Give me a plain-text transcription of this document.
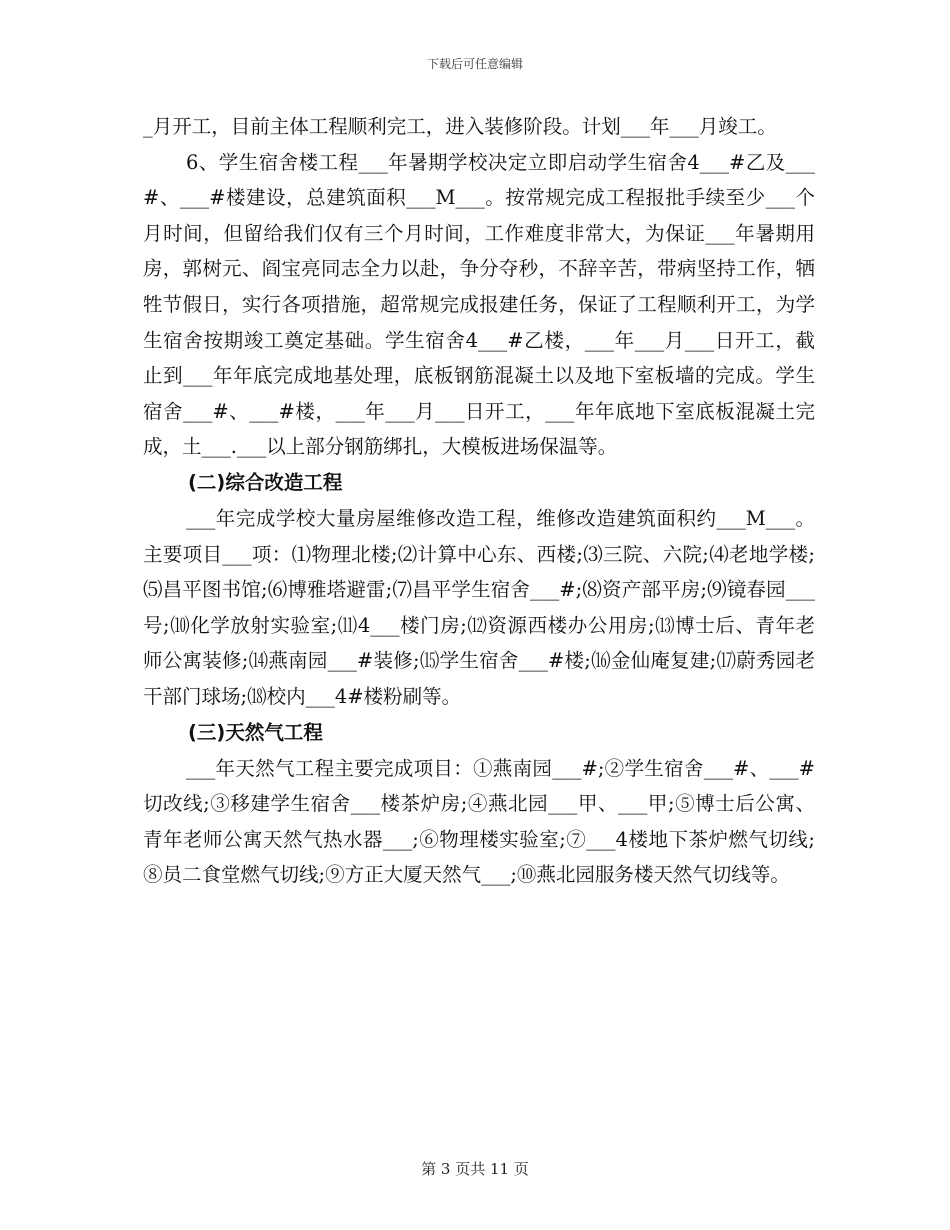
下载后可任意编辑

_月开工，目前主体工程顺利完工，进入装修阶段。计划___年___月竣工。

6、学生宿舍楼工程___年暑期学校决定立即启动学生宿舍4___#乙及___#、___#楼建设，总建筑面积___M___。按常规完成工程报批手续至少___个月时间，但留给我们仅有三个月时间，工作难度非常大，为保证___年暑期用房，郭树元、阎宝亮同志全力以赴，争分夺秒，不辞辛苦，带病坚持工作，牺牲节假日，实行各项措施，超常规完成报建任务，保证了工程顺利开工，为学生宿舍按期竣工奠定基础。学生宿舍4___#乙楼，___年___月___日开工，截止到___年年底完成地基处理，底板钢筋混凝土以及地下室板墙的完成。学生宿舍___#、___#楼，___年___月___日开工，___年年底地下室底板混凝土完成，土___.___以上部分钢筋绑扎，大模板进场保温等。

(二)综合改造工程

___年完成学校大量房屋维修改造工程，维修改造建筑面积约___M___。主要项目___项：⑴物理北楼;⑵计算中心东、西楼;⑶三院、六院;⑷老地学楼;⑸昌平图书馆;⑹博雅塔避雷;⑺昌平学生宿舍___#;⑻资产部平房;⑼镜春园___号;⑽化学放射实验室;⑾4___楼门房;⑿资源西楼办公用房;⒀博士后、青年老师公寓装修;⒁燕南园___#装修;⒂学生宿舍___#楼;⒃金仙庵复建;⒄蔚秀园老干部门球场;⒅校内___4#楼粉刷等。

(三)天然气工程

___年天然气工程主要完成项目：①燕南园___#;②学生宿舍___#、___#切改线;③移建学生宿舍___楼茶炉房;④燕北园___甲、___甲;⑤博士后公寓、青年老师公寓天然气热水器___;⑥物理楼实验室;⑦___4楼地下茶炉燃气切线;⑧员二食堂燃气切线;⑨方正大厦天然气___;⑩燕北园服务楼天然气切线等。

第 3 页共 11 页
